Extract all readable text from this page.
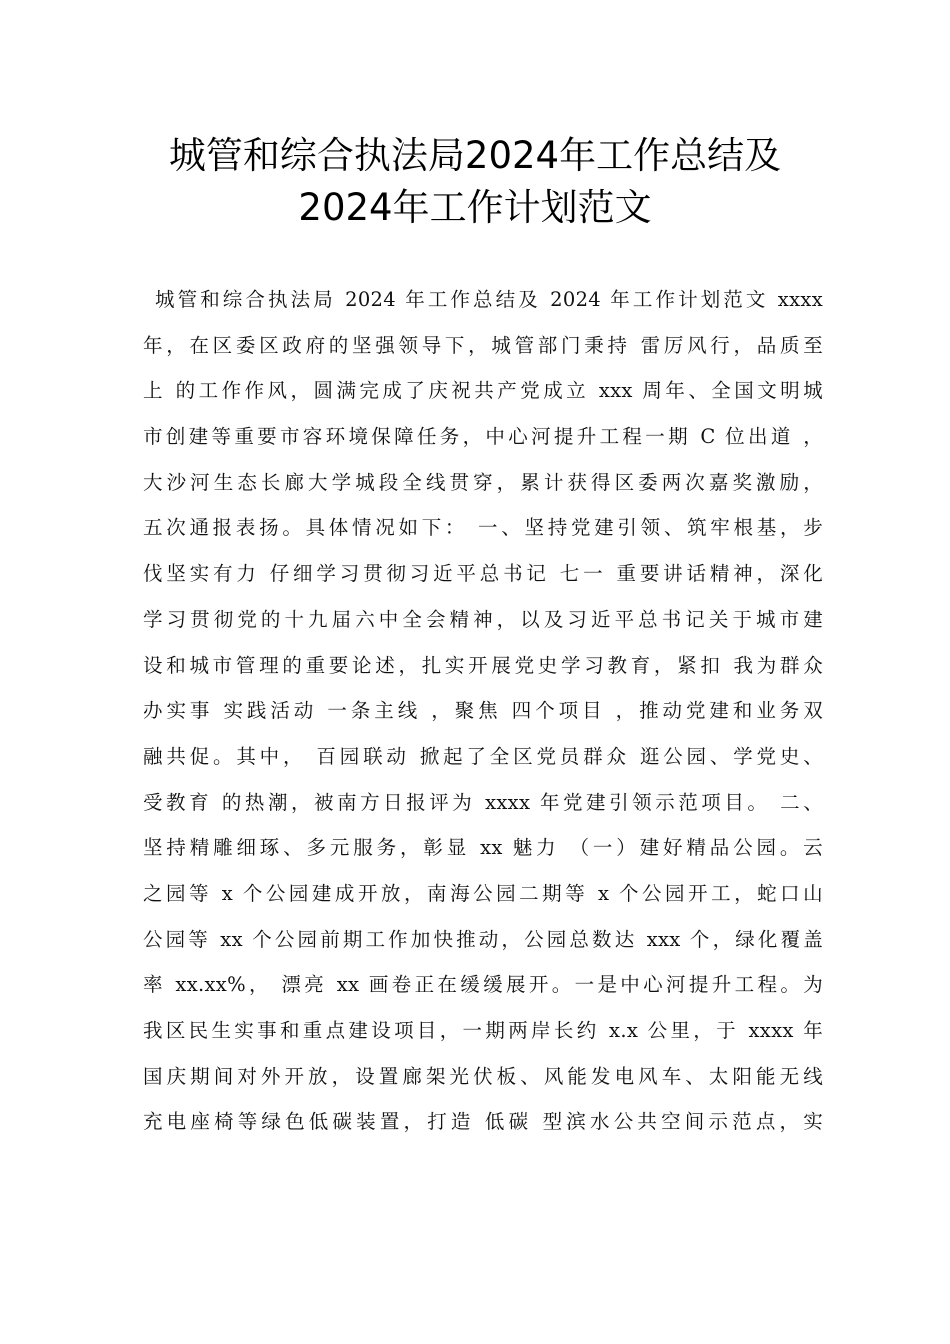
城管和综合执法局2024年工作总结及
2024年工作计划范文
城管和综合执法局 2024 年工作总结及 2024 年工作计划范文 xxxx
年，在区委区政府的坚强领导下，城管部门秉持 雷厉风行，品质至
上 的工作作风，圆满完成了庆祝共产党成立 xxx 周年、全国文明城
市创建等重要市容环境保障任务，中心河提升工程一期 C 位出道 ，
大沙河生态长廊大学城段全线贯穿，累计获得区委两次嘉奖激励，
五次通报表扬。具体情况如下： 一、坚持党建引领、筑牢根基，步
伐坚实有力 仔细学习贯彻习近平总书记 七一 重要讲话精神，深化
学习贯彻党的十九届六中全会精神，以及习近平总书记关于城市建
设和城市管理的重要论述，扎实开展党史学习教育，紧扣 我为群众
办实事 实践活动 一条主线 ，聚焦 四个项目 ，推动党建和业务双
融共促。其中， 百园联动 掀起了全区党员群众 逛公园、学党史、
受教育 的热潮，被南方日报评为 xxxx 年党建引领示范项目。 二、
坚持精雕细琢、多元服务，彰显 xx 魅力 （一）建好精品公园。云
之园等 x 个公园建成开放，南海公园二期等 x 个公园开工，蛇口山
公园等 xx 个公园前期工作加快推动，公园总数达 xxx 个，绿化覆盖
率 xx.xx%， 漂亮 xx 画卷正在缓缓展开。一是中心河提升工程。为
我区民生实事和重点建设项目，一期两岸长约 x.x 公里，于 xxxx 年
国庆期间对外开放，设置廊架光伏板、风能发电风车、太阳能无线
充电座椅等绿色低碳装置，打造 低碳 型滨水公共空间示范点，实
